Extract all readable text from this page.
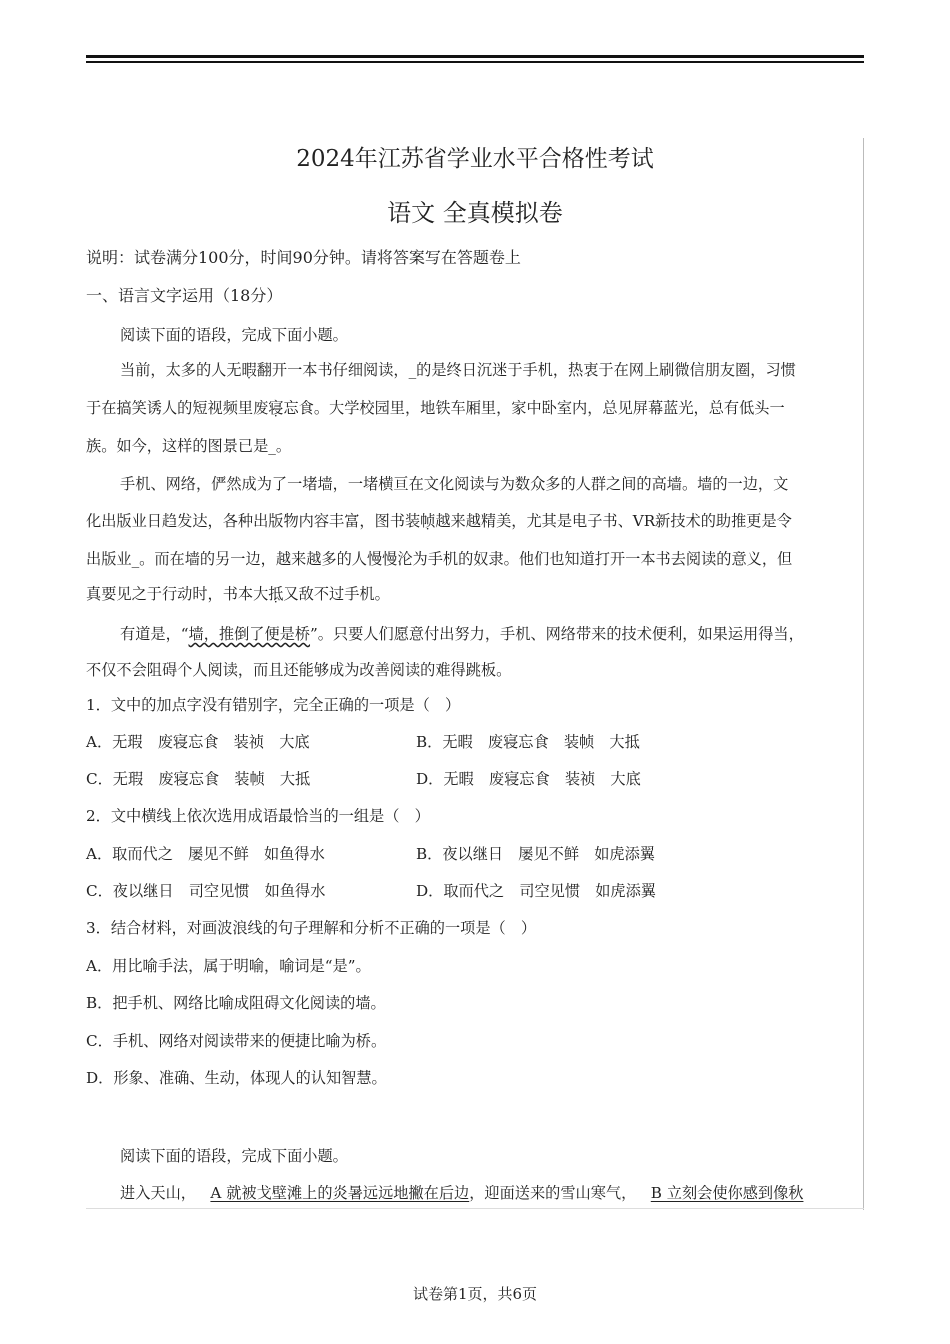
2024年江苏省学业水平合格性考试
语文 全真模拟卷
说明：试卷满分100分，时间90分钟。请将答案写在答题卷上
一、语言文字运用（18分）
阅读下面的语段，完成下面小题。
当前，太多的人无暇翻开一本书仔细阅读，_的是终日沉迷于手机，热衷于在网上刷微信朋友圈，习惯
于在搞笑诱人的短视频里废寝忘食。大学校园里，地铁车厢里，家中卧室内，总见屏幕蓝光，总有低头一
族。如今，这样的图景已是_。
手机、网络，俨然成为了一堵墙，一堵横亘在文化阅读与为数众多的人群之间的高墙。墙的一边，文
化出版业日趋发达，各种出版物内容丰富，图书装帧越来越精美，尤其是电子书、VR新技术的助推更是令
出版业_。而在墙的另一边，越来越多的人慢慢沦为手机的奴隶。他们也知道打开一本书去阅读的意义，但
真要见之于行动时，书本大抵又敌不过手机。
有道是，“墙，推倒了便是桥”。只要人们愿意付出努力，手机、网络带来的技术便利，如果运用得当，
不仅不会阻碍个人阅读，而且还能够成为改善阅读的难得跳板。
1．文中的加点字没有错别字，完全正确的一项是（　）
A．无瑕　废寝忘食　装祯　大底	B．无暇　废寝忘食　装帧　大抵
C．无瑕　废寝忘食　装帧　大抵	D．无暇　废寝忘食　装祯　大底
2．文中横线上依次选用成语最恰当的一组是（　）
A．取而代之　屡见不鲜　如鱼得水	B．夜以继日　屡见不鲜　如虎添翼
C．夜以继日　司空见惯　如鱼得水	D．取而代之　司空见惯　如虎添翼
3．结合材料，对画波浪线的句子理解和分析不正确的一项是（　）
A．用比喻手法，属于明喻，喻词是“是”。
B．把手机、网络比喻成阻碍文化阅读的墙。
C．手机、网络对阅读带来的便捷比喻为桥。
D．形象、准确、生动，体现人的认知智慧。
阅读下面的语段，完成下面小题。
进入天山， A 就被戈壁滩上的炎暑远远地撇在后边，迎面送来的雪山寒气， B 立刻会使你感到像秋
试卷第1页，共6页
